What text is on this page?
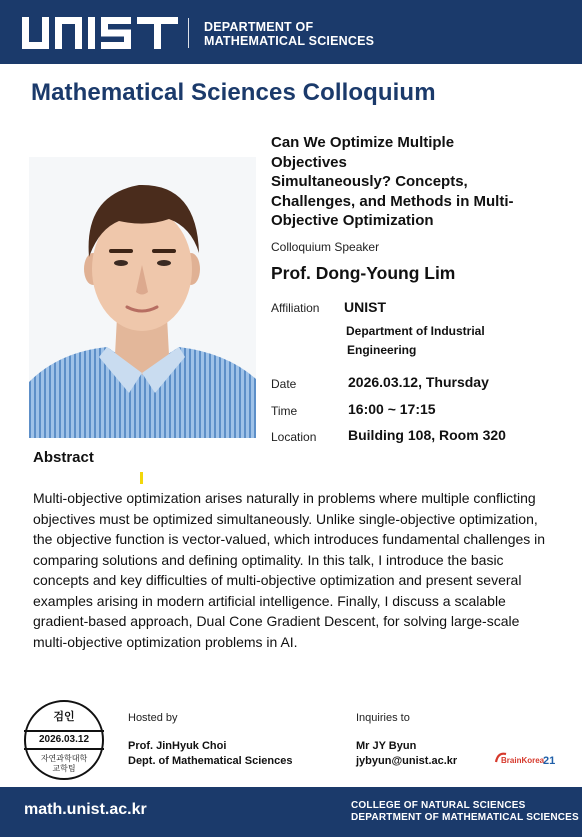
DEPARTMENT OF
MATHEMATICAL SCIENCES
Mathematical Sciences Colloquium
Can We Optimize Multiple
Objectives
Simultaneously? Concepts,
Challenges, and Methods in Multi-
Objective Optimization
Colloquium Speaker
Prof. Dong-Young Lim
Affiliation UNIST
Department of Industrial
Engineering
Date	2026.03.12, Thursday
Time	16:00 ~ 17:15
Location Building 108, Room 320
Abstract
Multi-objective optimization arises naturally in problems where multiple conflicting objectives must be optimized simultaneously. Unlike single-objective optimization, the objective function is vector-valued, which introduces fundamental challenges in comparing solutions and defining optimality. In this talk, I introduce the basic concepts and key difficulties of multi-objective optimization and present several examples arising in modern artificial intelligence. Finally, I discuss a scalable gradient-based approach, Dual Cone Gradient Descent, for solving large-scale multi-objective optimization problems in AI.
검인
2026.03.12
자연과학대학
교학팀
Hosted by
Prof. JinHyuk Choi
Dept. of Mathematical Sciences
Inquiries to
Mr JY Byun
jybyun@unist.ac.kr	BrainKorea
21
math.unist.ac.kr	COLLEGE OF NATURAL SCIENCES
DEPARTMENT OF MATHEMATICAL SCIENCES
